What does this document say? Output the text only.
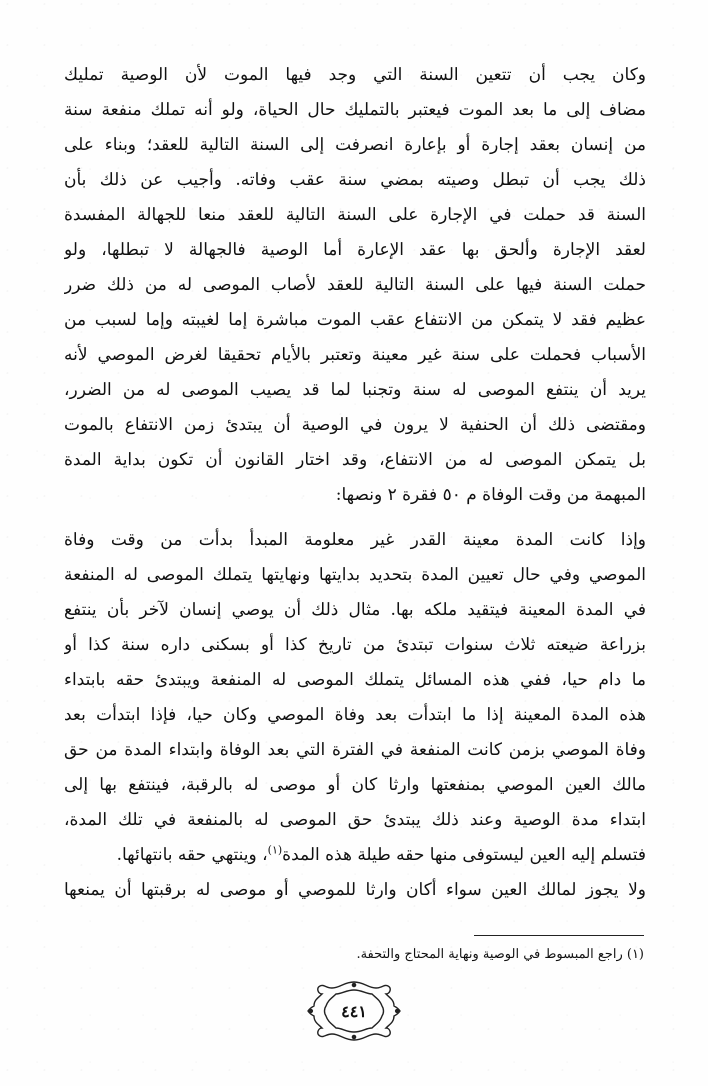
وكان يجب أن تتعين السنة التي وجد فيها الموت لأن الوصية تمليك
مضاف إلى ما بعد الموت فيعتبر بالتمليك حال الحياة، ولو أنه تملك منفعة سنة
من إنسان بعقد إجارة أو بإعارة انصرفت إلى السنة التالية للعقد؛ وبناء على
ذلك يجب أن تبطل وصيته بمضي سنة عقب وفاته. وأجيب عن ذلك بأن
السنة قد حملت في الإجارة على السنة التالية للعقد منعا للجهالة المفسدة
لعقد الإجارة وألحق بها عقد الإعارة أما الوصية فالجهالة لا تبطلها، ولو
حملت السنة فيها على السنة التالية للعقد لأصاب الموصى له من ذلك ضرر
عظيم فقد لا يتمكن من الانتفاع عقب الموت مباشرة إما لغيبته وإما لسبب من
الأسباب فحملت على سنة غير معينة وتعتبر بالأيام تحقيقا لغرض الموصي لأنه
يريد أن ينتفع الموصى له سنة وتجنبا لما قد يصيب الموصى له من الضرر،
ومقتضى ذلك أن الحنفية لا يرون في الوصية أن يبتدئ زمن الانتفاع بالموت
بل يتمكن الموصى له من الانتفاع، وقد اختار القانون أن تكون بداية المدة
المبهمة من وقت الوفاة م ٥٠ فقرة ٢ ونصها:
وإذا كانت المدة معينة القدر غير معلومة المبدأ بدأت من وقت وفاة
الموصي وفي حال تعيين المدة بتحديد بدايتها ونهايتها يتملك الموصى له المنفعة
في المدة المعينة فيتقيد ملكه بها. مثال ذلك أن يوصي إنسان لآخر بأن ينتفع
بزراعة ضيعته ثلاث سنوات تبتدئ من تاريخ كذا أو بسكنى داره سنة كذا أو
ما دام حيا، ففي هذه المسائل يتملك الموصى له المنفعة ويبتدئ حقه بابتداء
هذه المدة المعينة إذا ما ابتدأت بعد وفاة الموصي وكان حيا، فإذا ابتدأت بعد
وفاة الموصي بزمن كانت المنفعة في الفترة التي بعد الوفاة وابتداء المدة من حق
مالك العين الموصي بمنفعتها وارثا كان أو موصى له بالرقبة، فينتفع بها إلى
ابتداء مدة الوصية وعند ذلك يبتدئ حق الموصى له بالمنفعة في تلك المدة،
فتسلم إليه العين ليستوفى منها حقه طيلة هذه المدة$^{(١)}$، وينتهي حقه بانتهائها.
ولا يجوز لمالك العين سواء أكان وارثا للموصي أو موصى له برقبتها أن يمنعها
(١) راجع المبسوط في الوصية ونهاية المحتاج والتحفة.
٤٤١
